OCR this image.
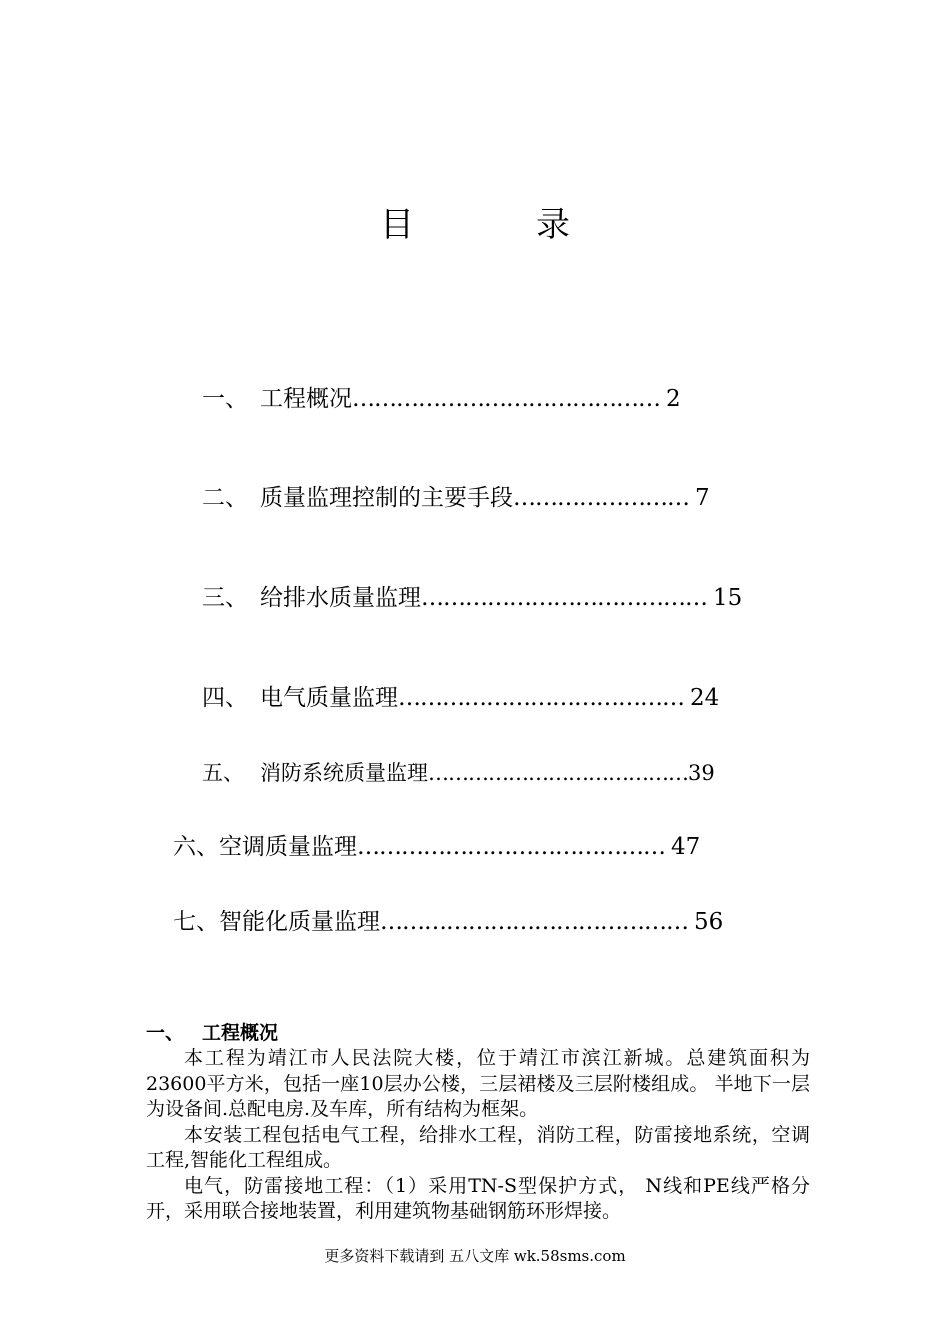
目　录
一、 工程概况…………………………………… 2
二、 质量监理控制的主要手段…………………… 7
三、 给排水质量监理………………………………… 15
四、 电气质量监理………………………………… 24
五、 消防系统质量监理…………………………………39
六、空调质量监理…………………………………… 47
七、智能化质量监理…………………………………… 56
一、 工程概况

本工程为靖江市人民法院大楼，位于靖江市滨江新城。总建筑面积为23600平方米，包括一座10层办公楼，三层裙楼及三层附楼组成。 半地下一层为设备间.总配电房.及车库，所有结构为框架。

本安装工程包括电气工程，给排水工程，消防工程，防雷接地系统，空调工程,智能化工程组成。

电气，防雷接地工程：（1）采用TN-S型保护方式， N线和PE线严格分开，采用联合接地装置，利用建筑物基础钢筋环形焊接。

更多资料下载请到 五八文库 wk.58sms.com
